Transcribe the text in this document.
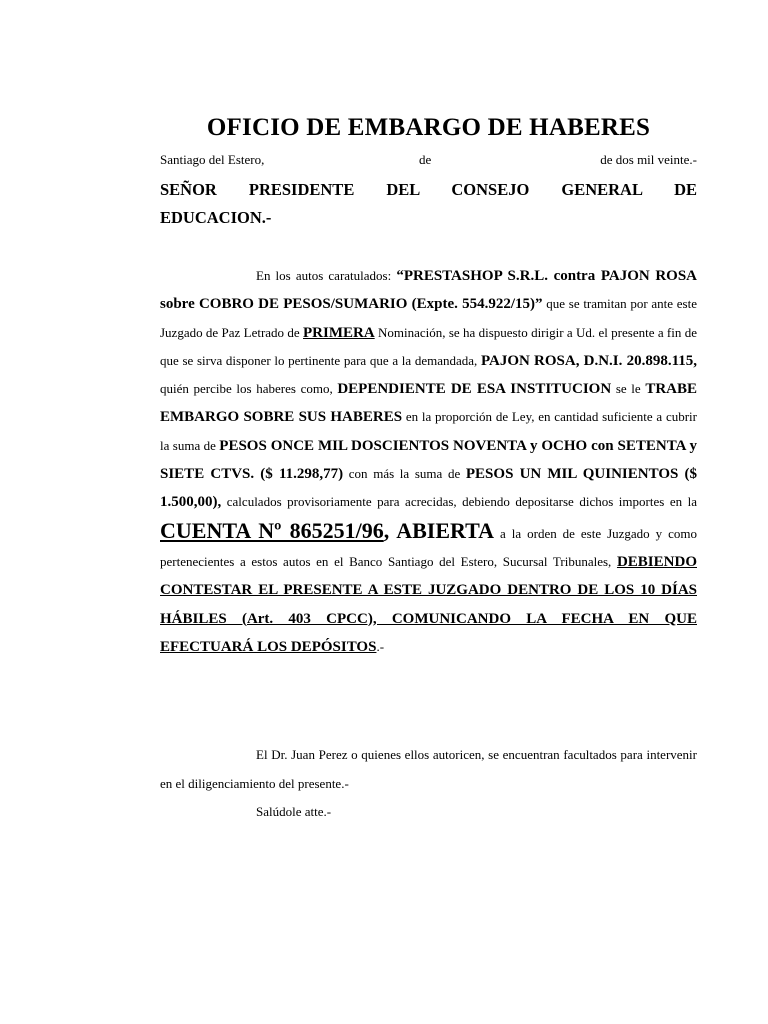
OFICIO DE EMBARGO DE HABERES
Santiago del Estero,	de	de dos mil veinte.-

SEÑOR PRESIDENTE DEL CONSEJO GENERAL DE
EDUCACION.-

En los autos caratulados: “PRESTASHOP S.R.L. contra PAJON ROSA sobre COBRO DE PESOS/SUMARIO (Expte. 554.922/15)” que se tramitan por ante este Juzgado de Paz Letrado de PRIMERA Nominación, se ha dispuesto dirigir a Ud. el presente a fin de que se sirva disponer lo pertinente para que a la demandada, PAJON ROSA, D.N.I. 20.898.115, quién percibe los haberes como, DEPENDIENTE DE ESA INSTITUCION se le TRABE EMBARGO SOBRE SUS HABERES en la proporción de Ley, en cantidad suficiente a cubrir la suma de PESOS ONCE MIL DOSCIENTOS NOVENTA y OCHO con SETENTA y SIETE CTVS. ($ 11.298,77) con más la suma de PESOS UN MIL QUINIENTOS ($ 1.500,00), calculados provisoriamente para acrecidas, debiendo depositarse dichos importes en la CUENTA Nº 865251/96, ABIERTA a la orden de este Juzgado y como pertenecientes a estos autos en el Banco Santiago del Estero, Sucursal Tribunales, DEBIENDO CONTESTAR EL PRESENTE A ESTE JUZGADO DENTRO DE LOS 10 DÍAS HÁBILES (Art. 403 CPCC), COMUNICANDO LA FECHA EN QUE EFECTUARÁ LOS DEPÓSITOS.-

El Dr. Juan Perez o quienes ellos autoricen, se encuentran facultados para intervenir en el diligenciamiento del presente.-

Salúdole atte.-
